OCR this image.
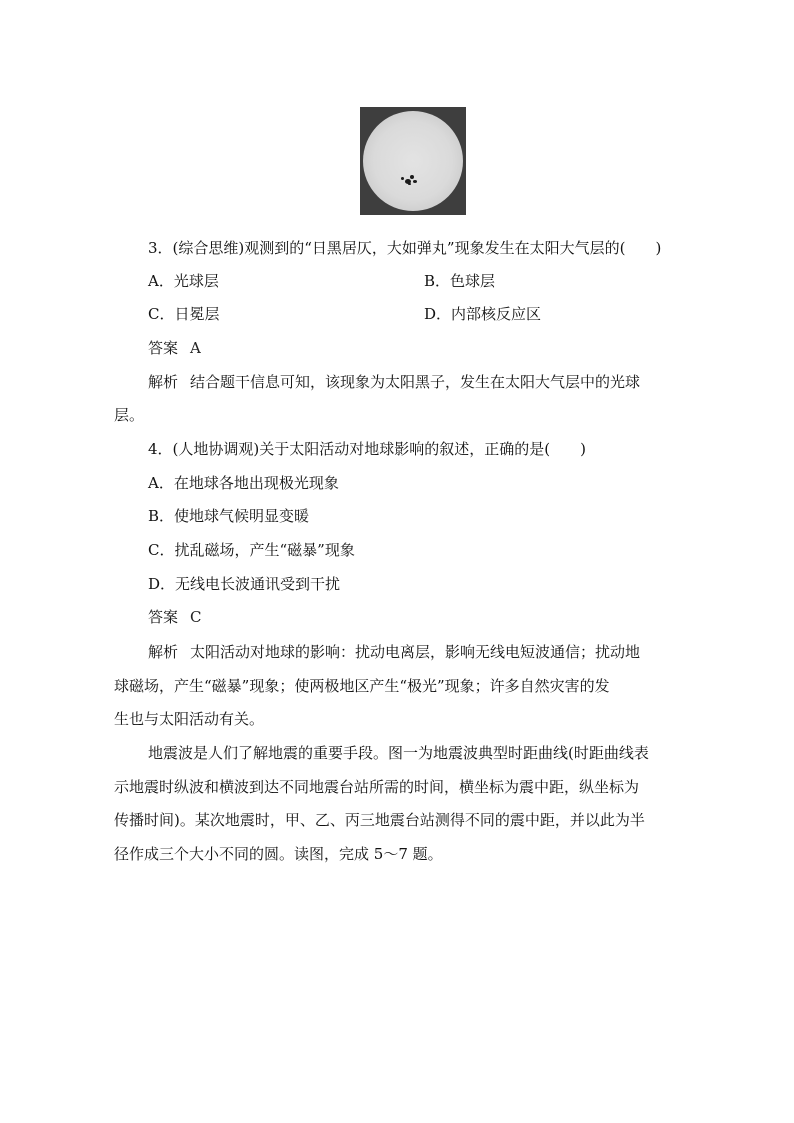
3．(综合思维)观测到的“日黑居仄，大如弹丸”现象发生在太阳大气层的(　　)
A．光球层	B．色球层
C．日冕层	D．内部核反应区
答案 A
解析 结合题干信息可知，该现象为太阳黑子，发生在太阳大气层中的光球
层。
4．(人地协调观)关于太阳活动对地球影响的叙述，正确的是(　　)
A．在地球各地出现极光现象
B．使地球气候明显变暖
C．扰乱磁场，产生“磁暴”现象
D．无线电长波通讯受到干扰
答案 C
解析 太阳活动对地球的影响：扰动电离层，影响无线电短波通信；扰动地
球磁场，产生“磁暴”现象；使两极地区产生“极光”现象；许多自然灾害的发
生也与太阳活动有关。
地震波是人们了解地震的重要手段。图一为地震波典型时距曲线(时距曲线表
示地震时纵波和横波到达不同地震台站所需的时间，横坐标为震中距，纵坐标为
传播时间)。某次地震时，甲、乙、丙三地震台站测得不同的震中距，并以此为半
径作成三个大小不同的圆。读图，完成 5～7 题。
